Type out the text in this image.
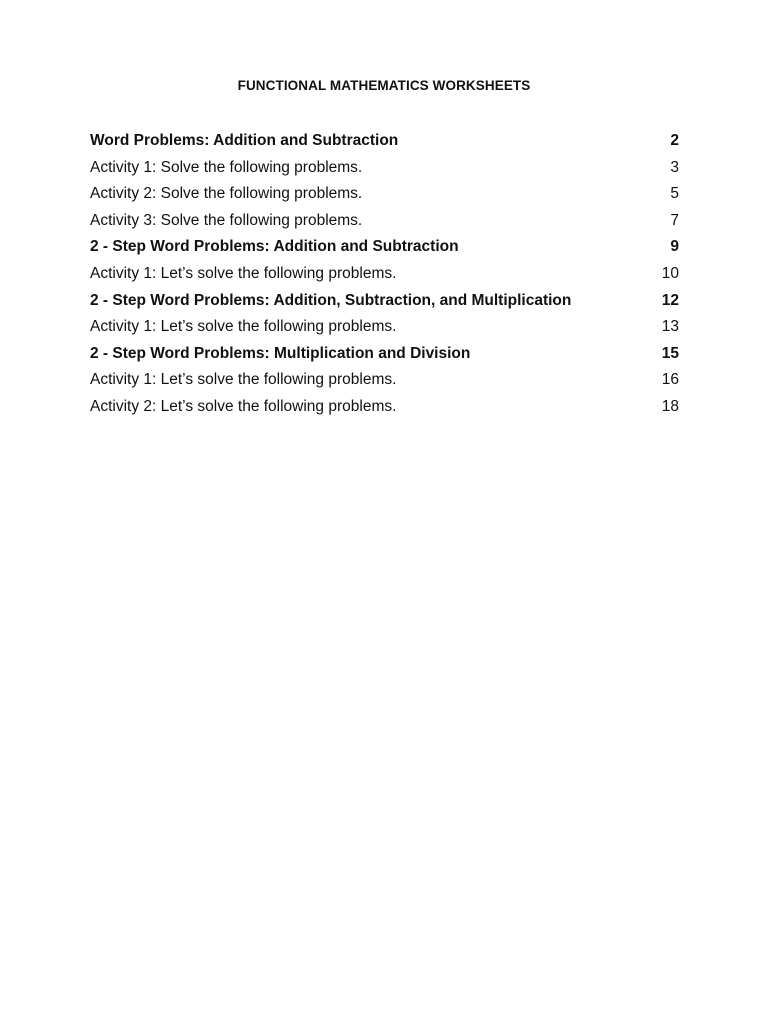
FUNCTIONAL MATHEMATICS WORKSHEETS
Word Problems: Addition and Subtraction	2
Activity 1: Solve the following problems.	3
Activity 2: Solve the following problems.	5
Activity 3: Solve the following problems.	7
2 - Step Word Problems: Addition and Subtraction	9
Activity 1: Let’s solve the following problems.	10
2 - Step Word Problems: Addition, Subtraction, and Multiplication	12
Activity 1: Let’s solve the following problems.	13
2 - Step Word Problems: Multiplication and Division	15
Activity 1: Let’s solve the following problems.	16
Activity 2: Let’s solve the following problems.	18
